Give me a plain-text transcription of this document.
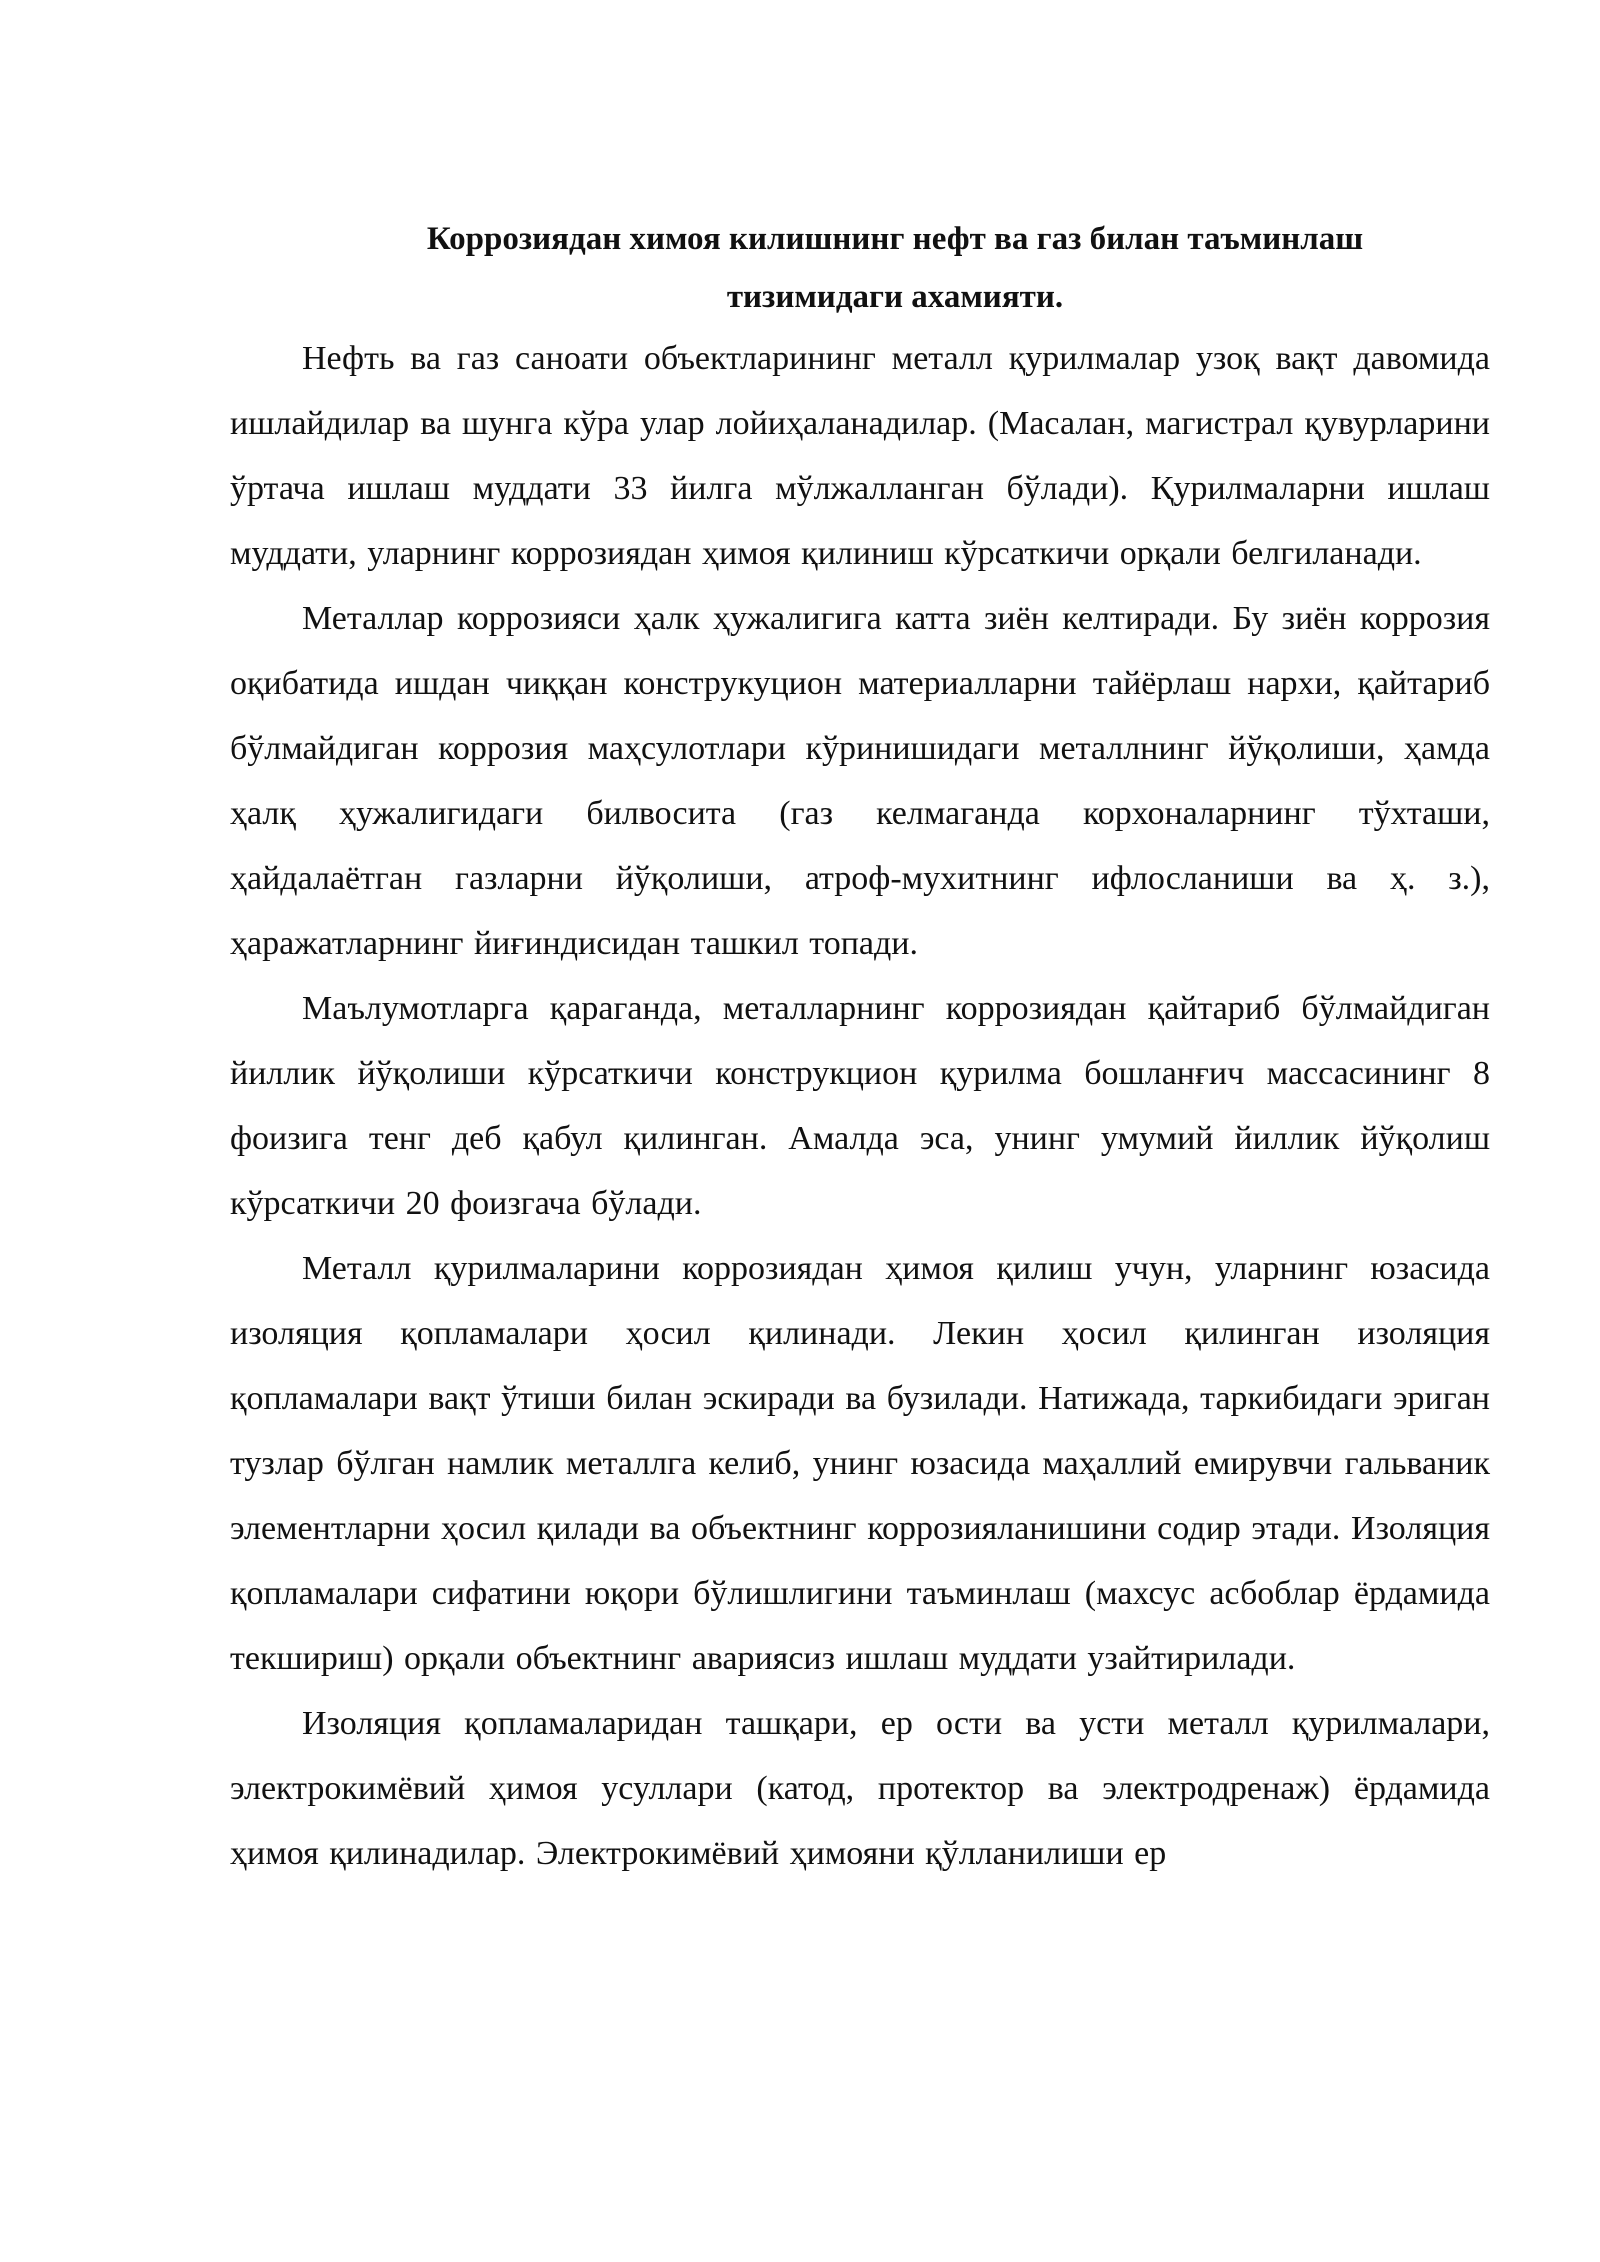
Коррозиядан химоя килишнинг нефт ва газ билан таъминлаш
тизимидаги ахамияти.

Нефть ва газ саноати объектларининг металл қурилмалар узоқ вақт давомида ишлайдилар ва шунга кўра улар лойиҳаланадилар. (Масалан, магистрал қувурларини ўртача ишлаш муддати 33 йилга мўлжалланган бўлади). Қурилмаларни ишлаш муддати, уларнинг коррозиядан ҳимоя қилиниш кўрсаткичи орқали белгиланади.

Металлар коррозияси ҳалк ҳужалигига катта зиён келтиради. Бу зиён коррозия оқибатида ишдан чиққан конструкуцион материалларни тайёрлаш нархи, қайтариб бўлмайдиган коррозия маҳсулотлари кўринишидаги металлнинг йўқолиши, ҳамда ҳалқ ҳужалигидаги билвосита (газ келмаганда корхоналарнинг тўхташи, ҳайдалаётган газларни йўқолиши, атроф-мухитнинг ифлосланиши ва ҳ. з.), ҳаражатларнинг йиғиндисидан ташкил топади.

Маълумотларга қараганда, металларнинг коррозиядан қайтариб бўлмайдиган йиллик йўқолиши кўрсаткичи конструкцион қурилма бошланғич массасининг 8 фоизига тенг деб қабул қилинган. Амалда эса, унинг умумий йиллик йўқолиш кўрсаткичи 20 фоизгача бўлади.

Металл қурилмаларини коррозиядан ҳимоя қилиш учун, уларнинг юзасида изоляция қопламалари ҳосил қилинади. Лекин ҳосил қилинган изоляция қопламалари вақт ўтиши билан эскиради ва бузилади. Натижада, таркибидаги эриган тузлар бўлган намлик металлга келиб, унинг юзасида маҳаллий емирувчи гальваник элементларни ҳосил қилади ва объектнинг коррозияланишини содир этади. Изоляция қопламалари сифатини юқори бўлишлигини таъминлаш (махсус асбоблар ёрдамида текшириш) орқали объектнинг авариясиз ишлаш муддати узайтирилади.

Изоляция қопламаларидан ташқари, ер ости ва усти металл қурилмалари, электрокимёвий ҳимоя усуллари (катод, протектор ва электродренаж) ёрдамида ҳимоя қилинадилар. Электрокимёвий ҳимояни қўлланилиши ер
